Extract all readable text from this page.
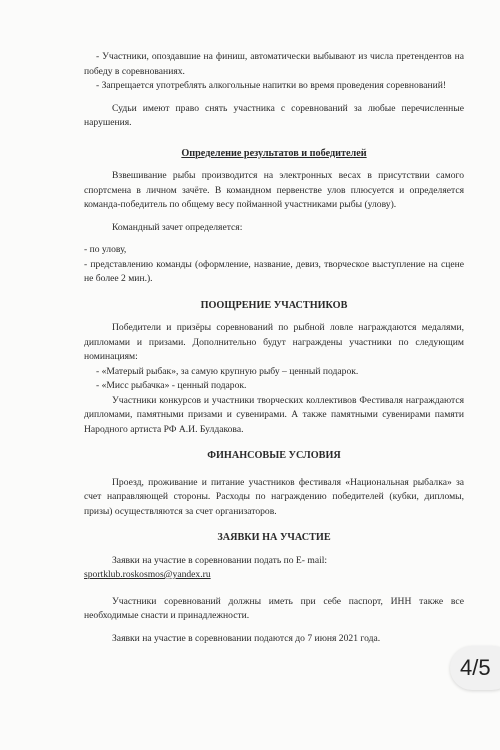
- Участники, опоздавшие на финиш, автоматически выбывают из числа претендентов на победу в соревнованиях.

- Запрещается употреблять алкогольные напитки во время проведения соревнований!

Судьи имеют право снять участника с соревнований за любые перечисленные нарушения.

Определение результатов и победителей

Взвешивание рыбы производится на электронных весах в присутствии самого спортсмена в личном зачёте. В командном первенстве улов плюсуется и определяется команда-победитель по общему весу пойманной участниками рыбы (улову).

Командный зачет определяется:

- по улову,

- представлению команды (оформление, название, девиз, творческое выступление на сцене не более 2 мин.).

ПООЩРЕНИЕ УЧАСТНИКОВ

Победители и призёры соревнований по рыбной ловле награждаются медалями, дипломами и призами. Дополнительно будут награждены участники по следующим номинациям:

- «Матерый рыбак», за самую крупную рыбу – ценный подарок.

- «Мисс рыбачка» - ценный подарок.

Участники конкурсов и участники творческих коллективов Фестиваля награждаются дипломами, памятными призами и сувенирами. А также памятными сувенирами памяти Народного артиста РФ А.И. Булдакова.

ФИНАНСОВЫЕ УСЛОВИЯ

Проезд, проживание и питание участников фестиваля «Национальная рыбалка» за счет направляющей стороны. Расходы по награждению победителей (кубки, дипломы, призы) осуществляются за счет организаторов.

ЗАЯВКИ НА УЧАСТИЕ

Заявки на участие в соревновании подать по E- mail:

sportklub.roskosmos@yandex.ru

Участники соревнований должны иметь при себе паспорт, ИНН также все необходимые снасти и принадлежности.

Заявки на участие в соревновании подаются до 7 июня 2021 года.

4/5
